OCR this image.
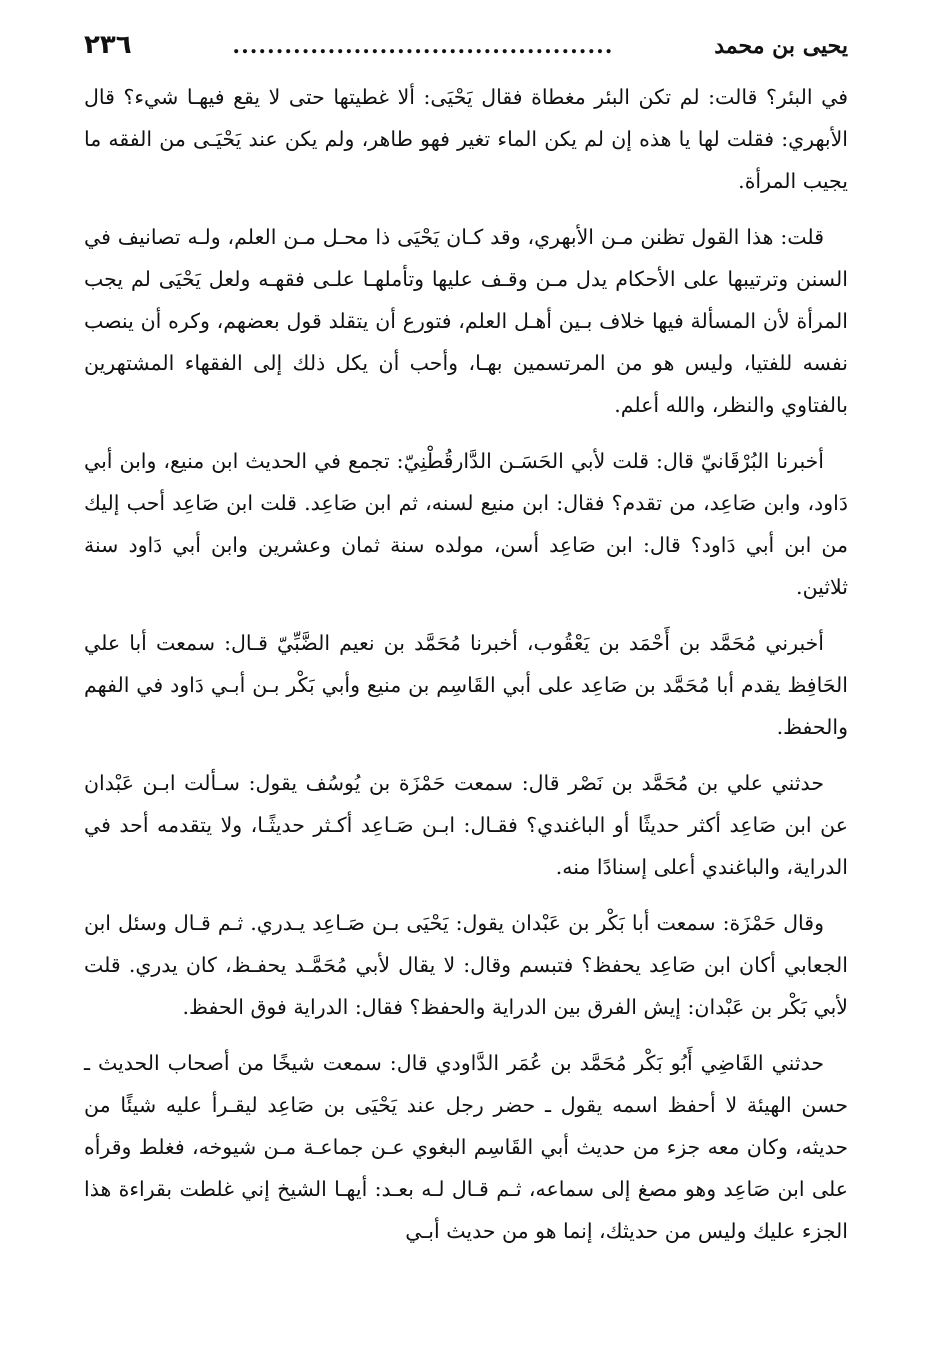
يحيى بن محمد
............................................
٢٣٦

في البئر؟ قالت: لم تكن البئر مغطاة فقال يَحْيَى: ألا غطيتها حتى لا يقع فيهـا شيء؟ قال الأبهري: فقلت لها يا هذه إن لم يكن الماء تغير فهو طاهر، ولم يكن عند يَحْيَـى من الفقه ما يجيب المرأة.

قلت: هذا القول تظنن مـن الأبهري، وقد كـان يَحْيَى ذا محـل مـن العلم، ولـه تصانيف في السنن وترتيبها على الأحكام يدل مـن وقـف عليها وتأملهـا علـى فقهـه ولعل يَحْيَى لم يجب المرأة لأن المسألة فيها خلاف بـين أهـل العلم، فتورع أن يتقلد قول بعضهم، وكره أن ينصب نفسه للفتيا، وليس هو من المرتسمين بهـا، وأحب أن يكل ذلك إلى الفقهاء المشتهرين بالفتاوي والنظر، والله أعلم.

أخبرنا البُرْقَانيّ قال: قلت لأبي الحَسَـن الدَّارقُطْنِيّ: تجمع في الحديث ابن منيع، وابن أبي دَاود، وابن صَاعِد، من تقدم؟ فقال: ابن منيع لسنه، ثم ابن صَاعِد. قلت ابن صَاعِد أحب إليك من ابن أبي دَاود؟ قال: ابن صَاعِد أسن، مولده سنة ثمان وعشرين وابن أبي دَاود سنة ثلاثين.

أخبرني مُحَمَّد بن أَحْمَد بن يَعْقُوب، أخبرنا مُحَمَّد بن نعيم الضَّبِّيّ قـال: سمعت أبا علي الحَافِظ يقدم أبا مُحَمَّد بن صَاعِد على أبي القَاسِم بن منيع وأبي بَكْر بـن أبـي دَاود في الفهم والحفظ.

حدثني علي بن مُحَمَّد بن نَصْر قال: سمعت حَمْزَة بن يُوسُف يقول: سـألت ابـن عَبْدان عن ابن صَاعِد أكثر حديثًا أو الباغندي؟ فقـال: ابـن صَـاعِد أكـثر حديثًـا، ولا يتقدمه أحد في الدراية، والباغندي أعلى إسنادًا منه.

وقال حَمْزَة: سمعت أبا بَكْر بن عَبْدان يقول: يَحْيَى بـن صَـاعِد يـدري. ثـم قـال وسئل ابن الجعابي أكان ابن صَاعِد يحفظ؟ فتبسم وقال: لا يقال لأبي مُحَمَّـد يحفـظ، كان يدري. قلت لأبي بَكْر بن عَبْدان: إيش الفرق بين الدراية والحفظ؟ فقال: الدراية فوق الحفظ.

حدثني القَاضِي أَبُو بَكْر مُحَمَّد بن عُمَر الدَّاودي قال: سمعت شيخًا من أصحاب الحديث ـ حسن الهيئة لا أحفظ اسمه يقول ـ حضر رجل عند يَحْيَى بن صَاعِد ليقـرأ عليه شيئًا من حديثه، وكان معه جزء من حديث أبي القَاسِم البغوي عـن جماعـة مـن شيوخه، فغلط وقرأه على ابن صَاعِد وهو مصغ إلى سماعه، ثـم قـال لـه بعـد: أيهـا الشيخ إني غلطت بقراءة هذا الجزء عليك وليس من حديثك، إنما هو من حديث أبـي
